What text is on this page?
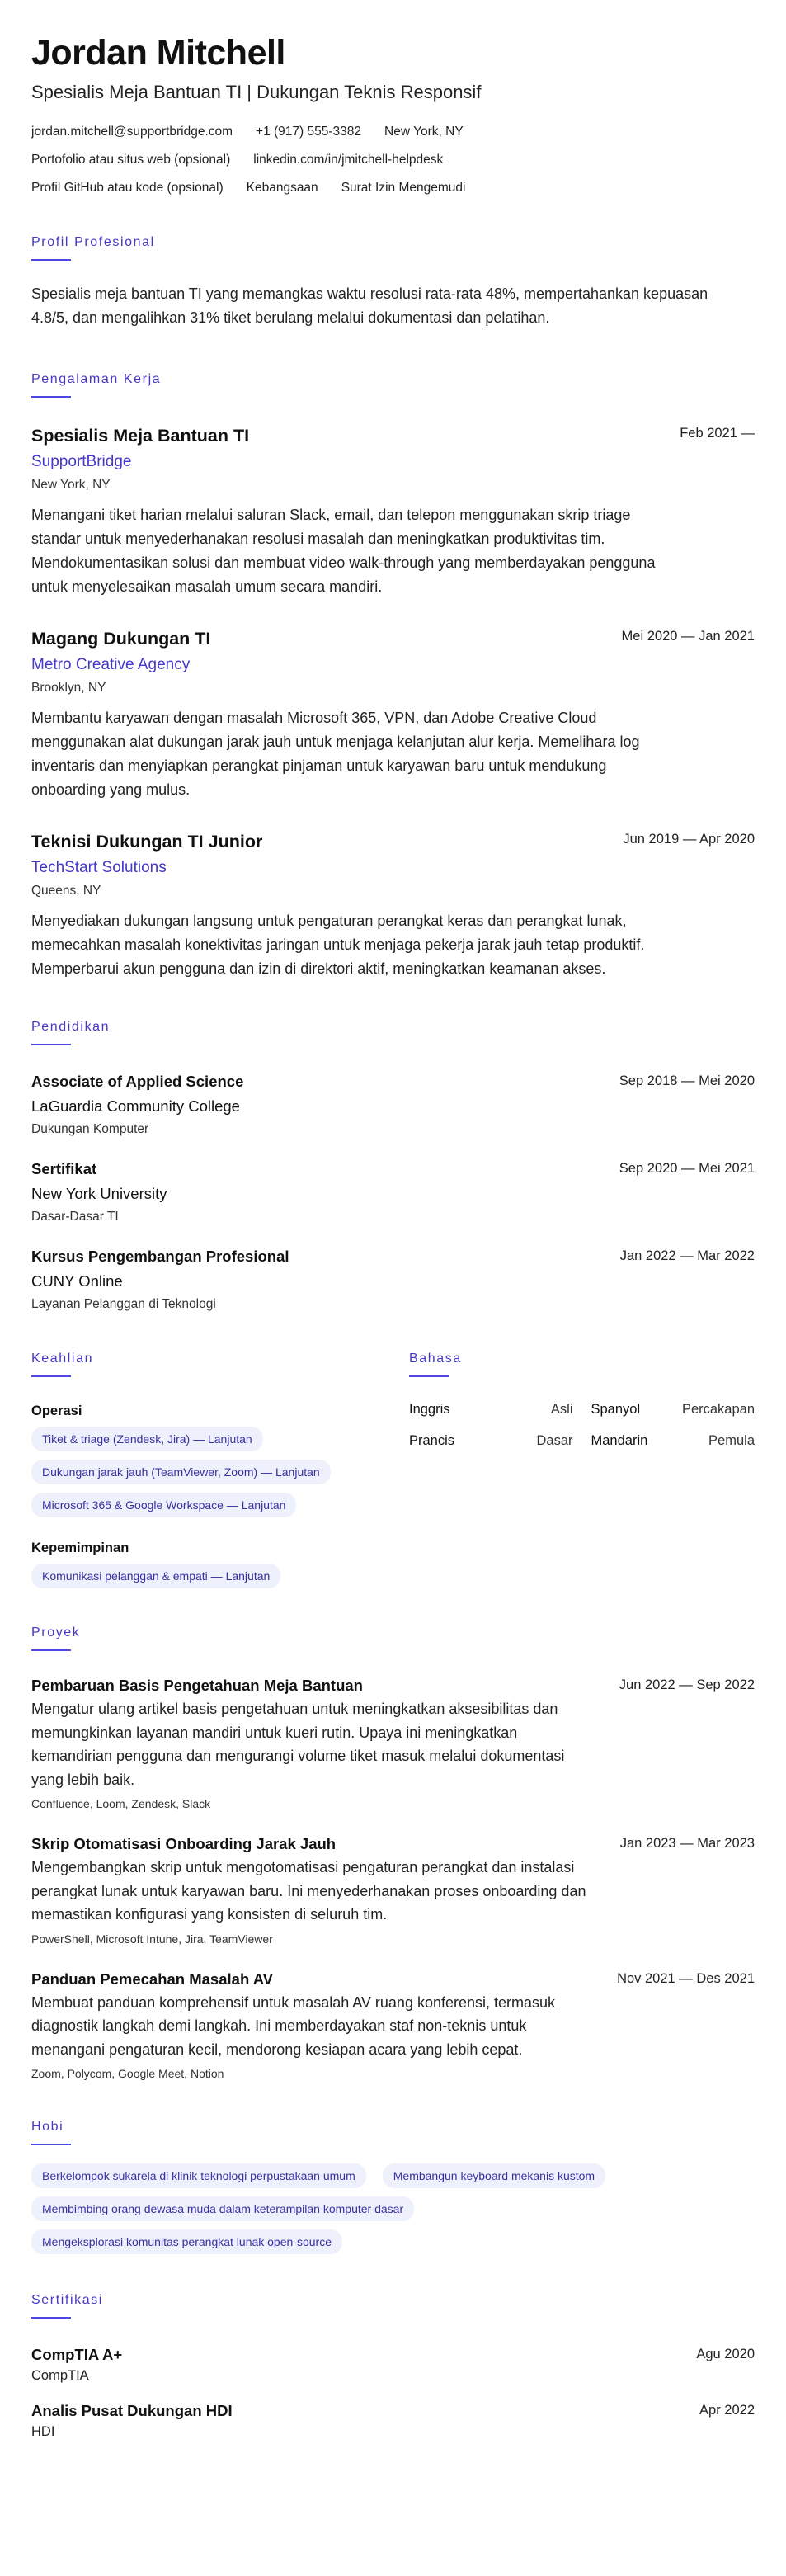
Jordan Mitchell
Spesialis Meja Bantuan TI | Dukungan Teknis Responsif
jordan.mitchell@supportbridge.com +1 (917) 555-3382 New York, NY
Portofolio atau situs web (opsional) linkedin.com/in/jmitchell-helpdesk
Profil GitHub atau kode (opsional) Kebangsaan Surat Izin Mengemudi
Profil Profesional

Spesialis meja bantuan TI yang memangkas waktu resolusi rata-rata 48%, mempertahankan kepuasan 4.8/5, dan mengalihkan 31% tiket berulang melalui dokumentasi dan pelatihan.

Pengalaman Kerja
Spesialis Meja Bantuan TI	Feb 2021 —
SupportBridge
New York, NY

Menangani tiket harian melalui saluran Slack, email, dan telepon menggunakan skrip triage standar untuk menyederhanakan resolusi masalah dan meningkatkan produktivitas tim. Mendokumentasikan solusi dan membuat video walk-through yang memberdayakan pengguna untuk menyelesaikan masalah umum secara mandiri.

Magang Dukungan TI	Mei 2020 — Jan 2021
Metro Creative Agency
Brooklyn, NY

Membantu karyawan dengan masalah Microsoft 365, VPN, dan Adobe Creative Cloud menggunakan alat dukungan jarak jauh untuk menjaga kelanjutan alur kerja. Memelihara log inventaris dan menyiapkan perangkat pinjaman untuk karyawan baru untuk mendukung onboarding yang mulus.

Teknisi Dukungan TI Junior	Jun 2019 — Apr 2020
TechStart Solutions
Queens, NY

Menyediakan dukungan langsung untuk pengaturan perangkat keras dan perangkat lunak, memecahkan masalah konektivitas jaringan untuk menjaga pekerja jarak jauh tetap produktif. Memperbarui akun pengguna dan izin di direktori aktif, meningkatkan keamanan akses.

Pendidikan
Associate of Applied Science	Sep 2018 — Mei 2020
LaGuardia Community College
Dukungan Komputer
Sertifikat	Sep 2020 — Mei 2021
New York University
Dasar-Dasar TI
Kursus Pengembangan Profesional	Jan 2022 — Mar 2022
CUNY Online
Layanan Pelanggan di Teknologi
Keahlian
Operasi
Tiket & triage (Zendesk, Jira) — Lanjutan
Dukungan jarak jauh (TeamViewer, Zoom) — Lanjutan
Microsoft 365 & Google Workspace — Lanjutan
Kepemimpinan
Komunikasi pelanggan & empati — Lanjutan
Bahasa
Inggris	Asli Spanyol	Percakapan
Prancis	Dasar Mandarin	Pemula
Proyek
Pembaruan Basis Pengetahuan Meja Bantuan	Jun 2022 — Sep 2022

Mengatur ulang artikel basis pengetahuan untuk meningkatkan aksesibilitas dan memungkinkan layanan mandiri untuk kueri rutin. Upaya ini meningkatkan kemandirian pengguna dan mengurangi volume tiket masuk melalui dokumentasi yang lebih baik.

Confluence, Loom, Zendesk, Slack
Skrip Otomatisasi Onboarding Jarak Jauh	Jan 2023 — Mar 2023

Mengembangkan skrip untuk mengotomatisasi pengaturan perangkat dan instalasi perangkat lunak untuk karyawan baru. Ini menyederhanakan proses onboarding dan memastikan konfigurasi yang konsisten di seluruh tim.

PowerShell, Microsoft Intune, Jira, TeamViewer
Panduan Pemecahan Masalah AV	Nov 2021 — Des 2021

Membuat panduan komprehensif untuk masalah AV ruang konferensi, termasuk diagnostik langkah demi langkah. Ini memberdayakan staf non-teknis untuk menangani pengaturan kecil, mendorong kesiapan acara yang lebih cepat.

Zoom, Polycom, Google Meet, Notion
Hobi
Berkelompok sukarela di klinik teknologi perpustakaan umum	Membangun keyboard mekanis kustom
Membimbing orang dewasa muda dalam keterampilan komputer dasar
Mengeksplorasi komunitas perangkat lunak open-source
Sertifikasi
CompTIA A+	Agu 2020
CompTIA
Analis Pusat Dukungan HDI	Apr 2022
HDI
